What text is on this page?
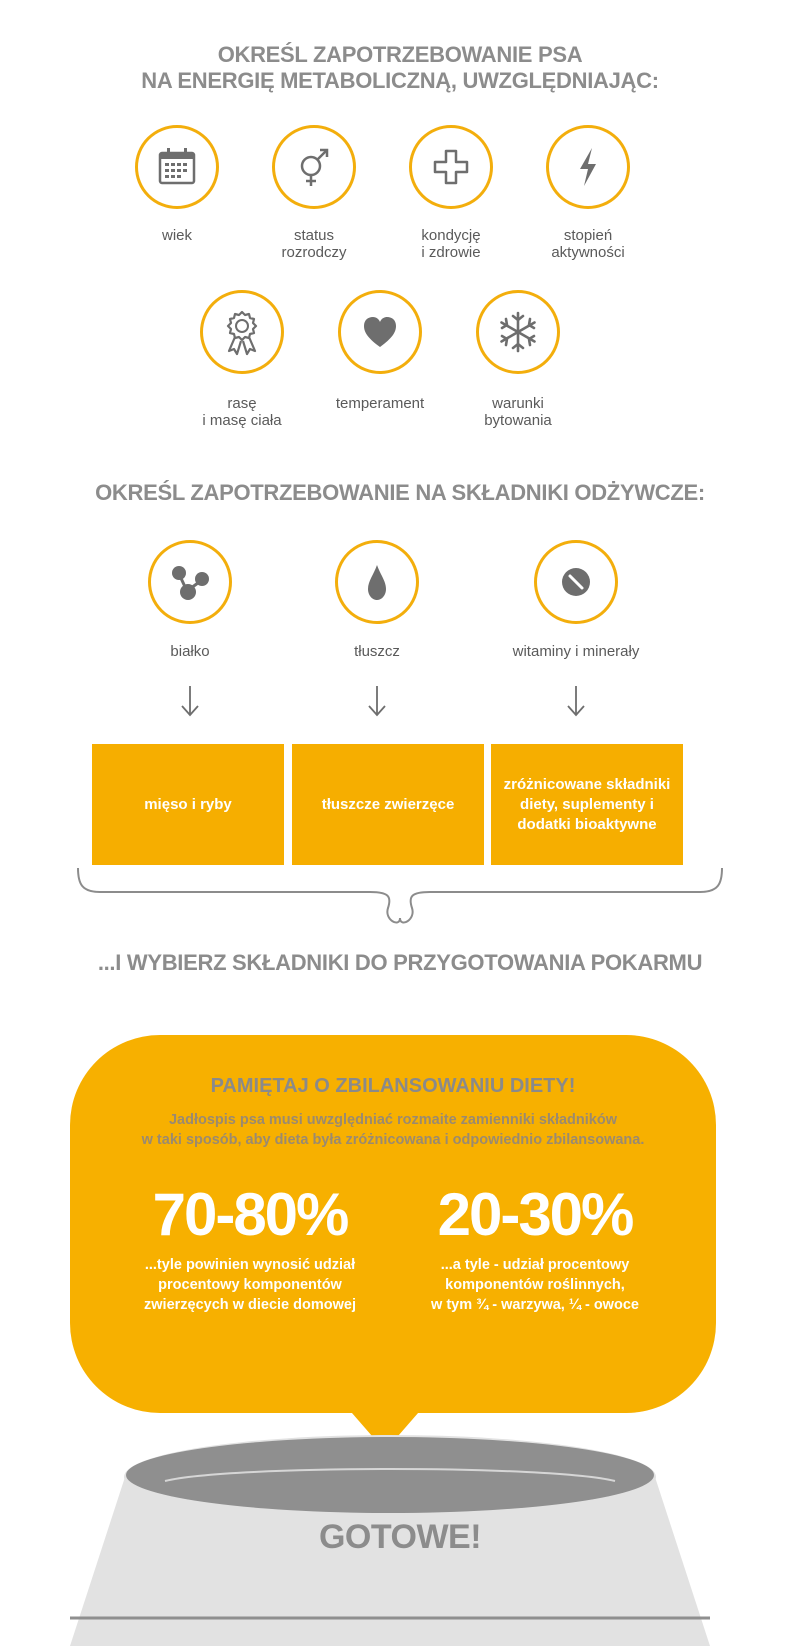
OKREŚL ZAPOTRZEBOWANIE PSA
NA ENERGIĘ METABOLICZNĄ, UWZGLĘDNIAJĄC:
wiek	status
rozrodczy
kondycję
i zdrowie
stopień
aktywności
rasę
i masę ciała
temperament	warunki
bytowania
OKREŚL ZAPOTRZEBOWANIE NA SKŁADNIKI ODŻYWCZE:
białko	tłuszcz	witaminy i minerały
mięso i ryby	tłuszcze zwierzęce
zróżnicowane składniki diety, suplementy i dodatki bioaktywne
...I WYBIERZ SKŁADNIKI DO PRZYGOTOWANIA POKARMU
PAMIĘTAJ O ZBILANSOWANIU DIETY!
Jadłospis psa musi uwzględniać rozmaite zamienniki składników
w taki sposób, aby dieta była zróżnicowana i odpowiednio zbilansowana.
70-80%
...tyle powinien wynosić udział
procentowy komponentów
zwierzęcych w diecie domowej
20-30%
...a tyle - udział procentowy
komponentów roślinnych,
w tym ¾ - warzywa, ¼ - owoce
GOTOWE!
